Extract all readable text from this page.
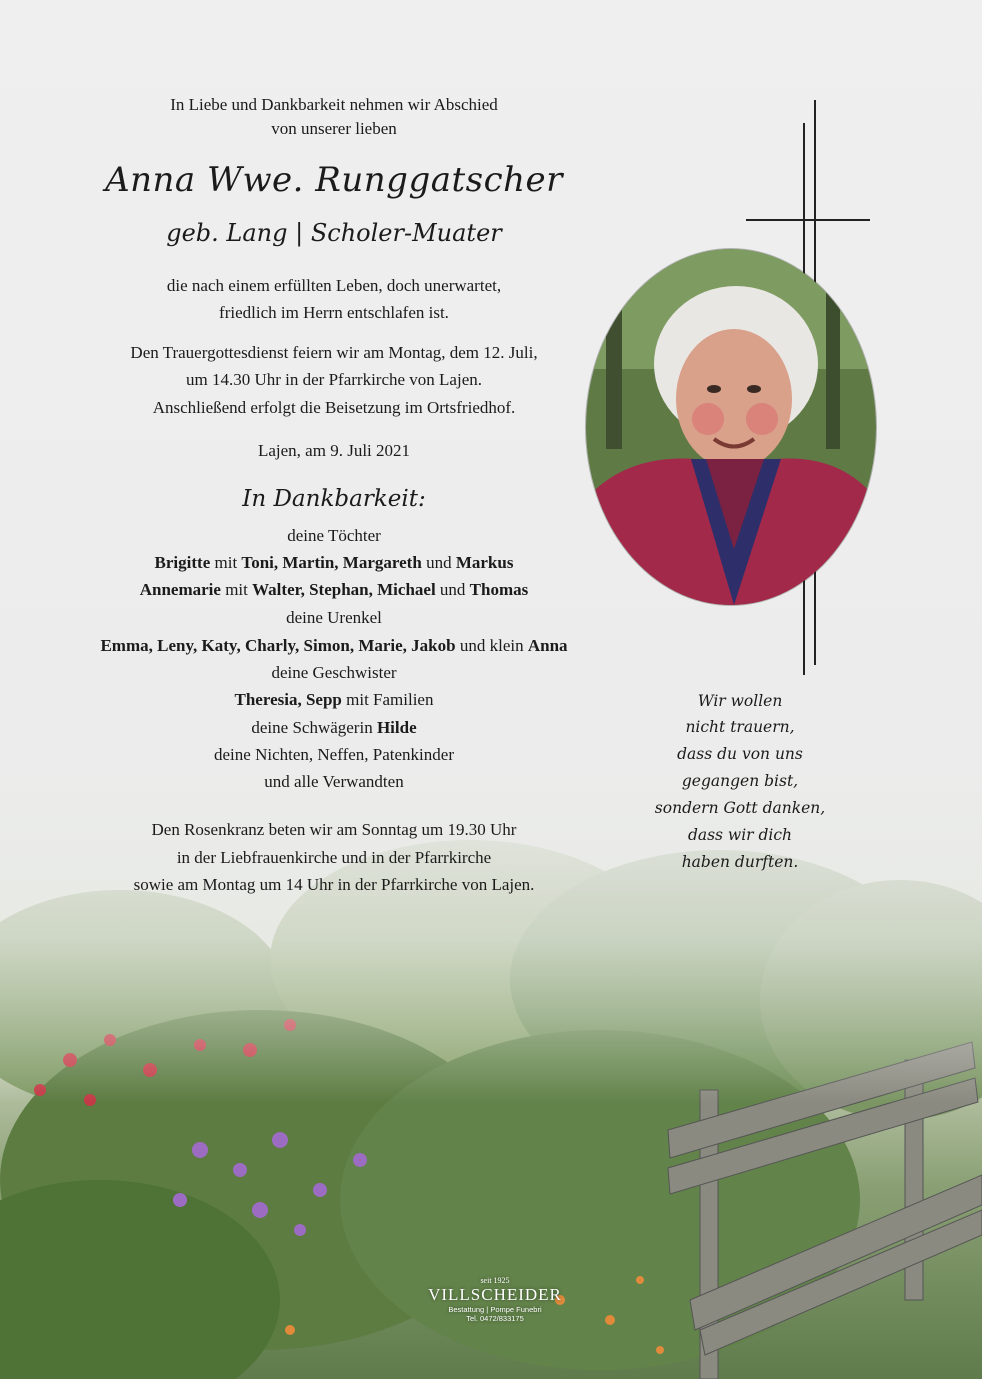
In Liebe und Dankbarkeit nehmen wir Abschied
von unserer lieben
Anna Wwe. Runggatscher
geb. Lang | Scholer-Muater
die nach einem erfüllten Leben, doch unerwartet,
friedlich im Herrn entschlafen ist.
Den Trauergottesdienst feiern wir am Montag, dem 12. Juli,
um 14.30 Uhr in der Pfarrkirche von Lajen.
Anschließend erfolgt die Beisetzung im Ortsfriedhof.
Lajen, am 9. Juli 2021
In Dankbarkeit:
deine Töchter
Brigitte mit Toni, Martin, Margareth und Markus
Annemarie mit Walter, Stephan, Michael und Thomas
deine Urenkel
Emma, Leny, Katy, Charly, Simon, Marie, Jakob und klein Anna
deine Geschwister
Theresia, Sepp mit Familien
deine Schwägerin Hilde
deine Nichten, Neffen, Patenkinder
und alle Verwandten
Den Rosenkranz beten wir am Sonntag um 19.30 Uhr
in der Liebfrauenkirche und in der Pfarrkirche
sowie am Montag um 14 Uhr in der Pfarrkirche von Lajen.
Wir wollen
nicht trauern,
dass du von uns
gegangen bist,
sondern Gott danken,
dass wir dich
haben durften.
seit 1925
VILLSCHEIDER
Bestattung | Pompe Funebri
Tel. 0472/833175
